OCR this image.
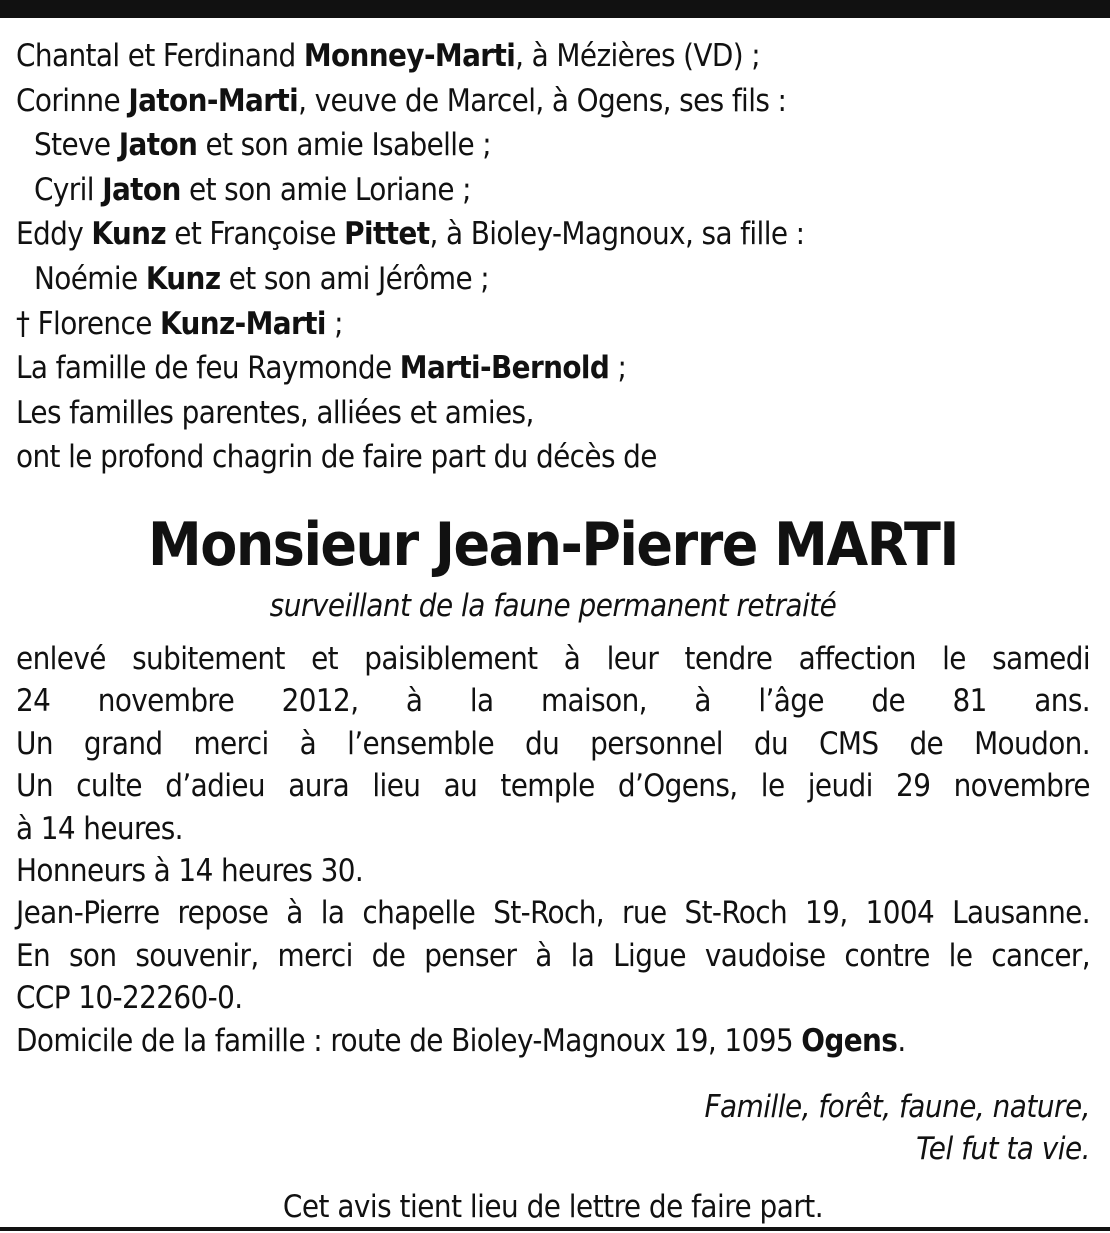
Chantal et Ferdinand Monney-Marti, à Mézières (VD) ;
Corinne Jaton-Marti, veuve de Marcel, à Ogens, ses fils :
Steve Jaton et son amie Isabelle ;
Cyril Jaton et son amie Loriane ;
Eddy Kunz et Françoise Pittet, à Bioley-Magnoux, sa fille :
Noémie Kunz et son ami Jérôme ;
† Florence Kunz-Marti ;
La famille de feu Raymonde Marti-Bernold ;
Les familles parentes, alliées et amies,
ont le profond chagrin de faire part du décès de
Monsieur Jean-Pierre MARTI
surveillant de la faune permanent retraité
enlevé subitement et paisiblement à leur tendre affection le samedi
24 novembre 2012, à la maison, à l’âge de 81 ans.
Un grand merci à l’ensemble du personnel du CMS de Moudon.
Un culte d’adieu aura lieu au temple d’Ogens, le jeudi 29 novembre
à 14 heures.
Honneurs à 14 heures 30.
Jean-Pierre repose à la chapelle St-Roch, rue St-Roch 19, 1004 Lausanne.
En son souvenir, merci de penser à la Ligue vaudoise contre le cancer,
CCP 10-22260-0.
Domicile de la famille : route de Bioley-Magnoux 19, 1095 Ogens.
Famille, forêt, faune, nature,
Tel fut ta vie.
Cet avis tient lieu de lettre de faire part.
